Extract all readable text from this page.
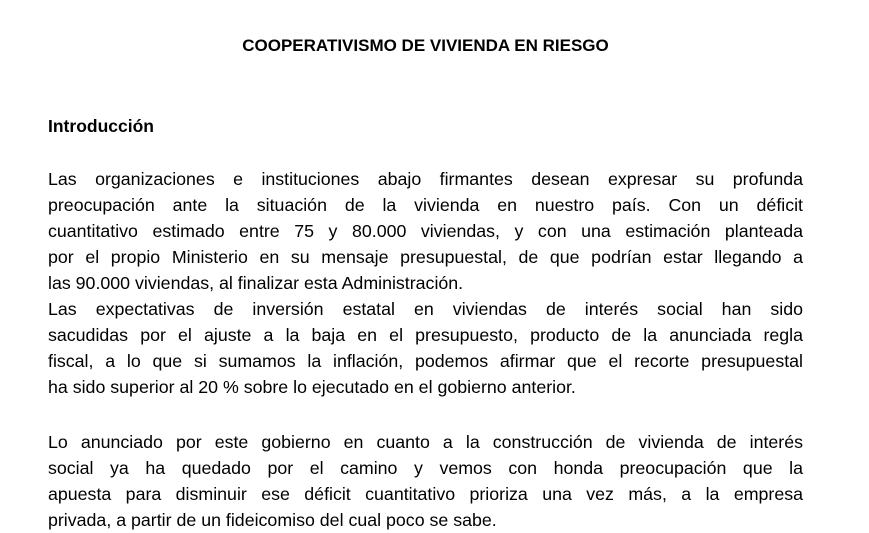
COOPERATIVISMO DE VIVIENDA EN RIESGO
Introducción

Las organizaciones e instituciones abajo firmantes desean expresar su profunda
preocupación ante la situación de la vivienda en nuestro país. Con un déficit
cuantitativo estimado entre 75 y 80.000 viviendas, y con una estimación planteada
por el propio Ministerio en su mensaje presupuestal, de que podrían estar llegando a
las 90.000 viviendas, al finalizar esta Administración.

Las expectativas de inversión estatal en viviendas de interés social han sido
sacudidas por el ajuste a la baja en el presupuesto, producto de la anunciada regla
fiscal, a lo que si sumamos la inflación, podemos afirmar que el recorte presupuestal
ha sido superior al 20 % sobre lo ejecutado en el gobierno anterior.

Lo anunciado por este gobierno en cuanto a la construcción de vivienda de interés
social ya ha quedado por el camino y vemos con honda preocupación que la
apuesta para disminuir ese déficit cuantitativo prioriza una vez más, a la empresa
privada, a partir de un fideicomiso del cual poco se sabe.
